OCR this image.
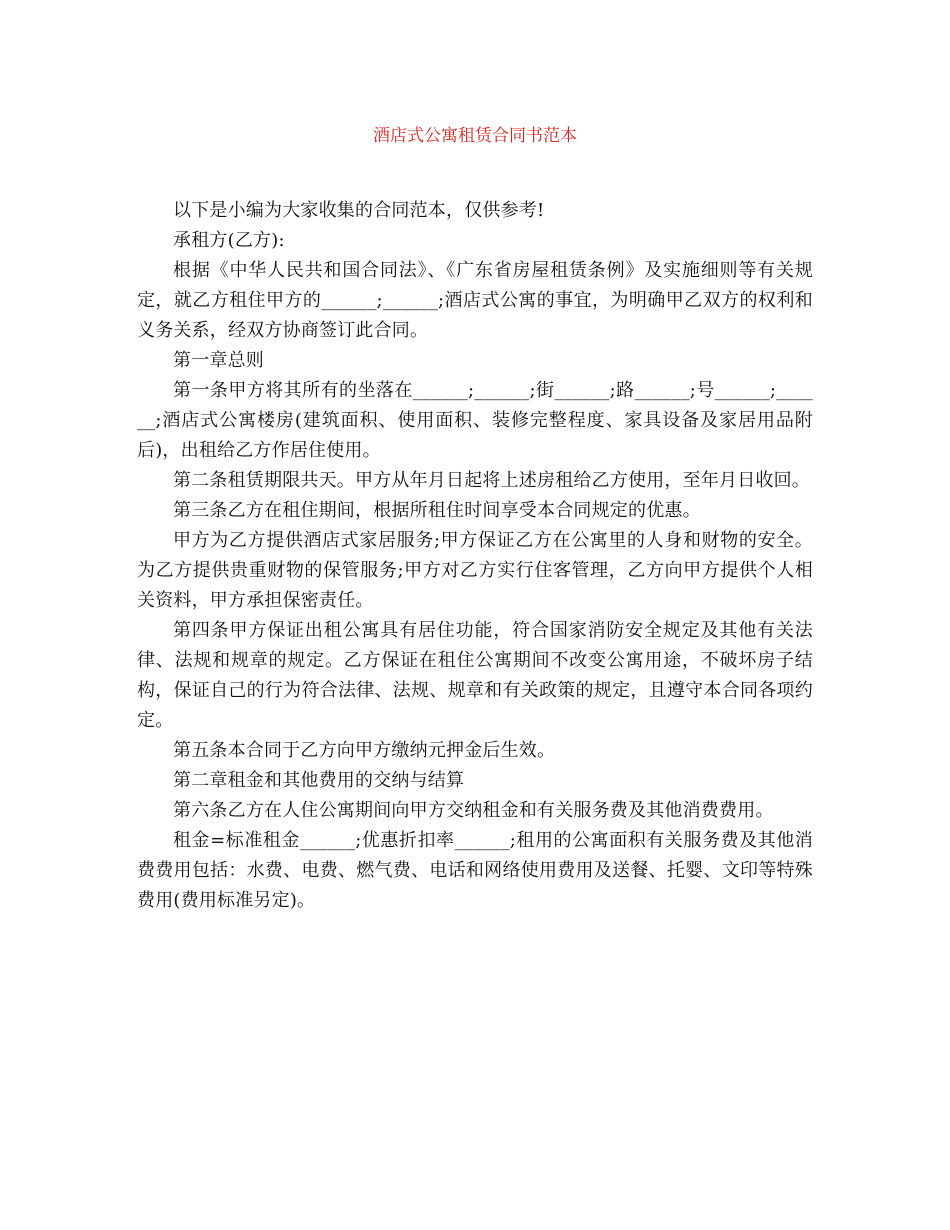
酒店式公寓租赁合同书范本

以下是小编为大家收集的合同范本，仅供参考!

承租方(乙方):

根据《中华人民共和国合同法》、《广东省房屋租赁条例》及实施细则等有关规定，就乙方租住甲方的______;______;酒店式公寓的事宜，为明确甲乙双方的权利和义务关系，经双方协商签订此合同。

第一章总则

第一条甲方将其所有的坐落在______;______;街______;路______;号______;______;酒店式公寓楼房(建筑面积、使用面积、装修完整程度、家具设备及家居用品附后)，出租给乙方作居住使用。

第二条租赁期限共天。甲方从年月日起将上述房租给乙方使用，至年月日收回。

第三条乙方在租住期间，根据所租住时间享受本合同规定的优惠。

甲方为乙方提供酒店式家居服务;甲方保证乙方在公寓里的人身和财物的安全。为乙方提供贵重财物的保管服务;甲方对乙方实行住客管理，乙方向甲方提供个人相关资料，甲方承担保密责任。

第四条甲方保证出租公寓具有居住功能，符合国家消防安全规定及其他有关法律、法规和规章的规定。乙方保证在租住公寓期间不改变公寓用途，不破坏房子结构，保证自己的行为符合法律、法规、规章和有关政策的规定，且遵守本合同各项约定。

第五条本合同于乙方向甲方缴纳元押金后生效。

第二章租金和其他费用的交纳与结算

第六条乙方在人住公寓期间向甲方交纳租金和有关服务费及其他消费费用。

租金=标准租金______;优惠折扣率______;租用的公寓面积有关服务费及其他消费费用包括：水费、电费、燃气费、电话和网络使用费用及送餐、托婴、文印等特殊费用(费用标准另定)。
